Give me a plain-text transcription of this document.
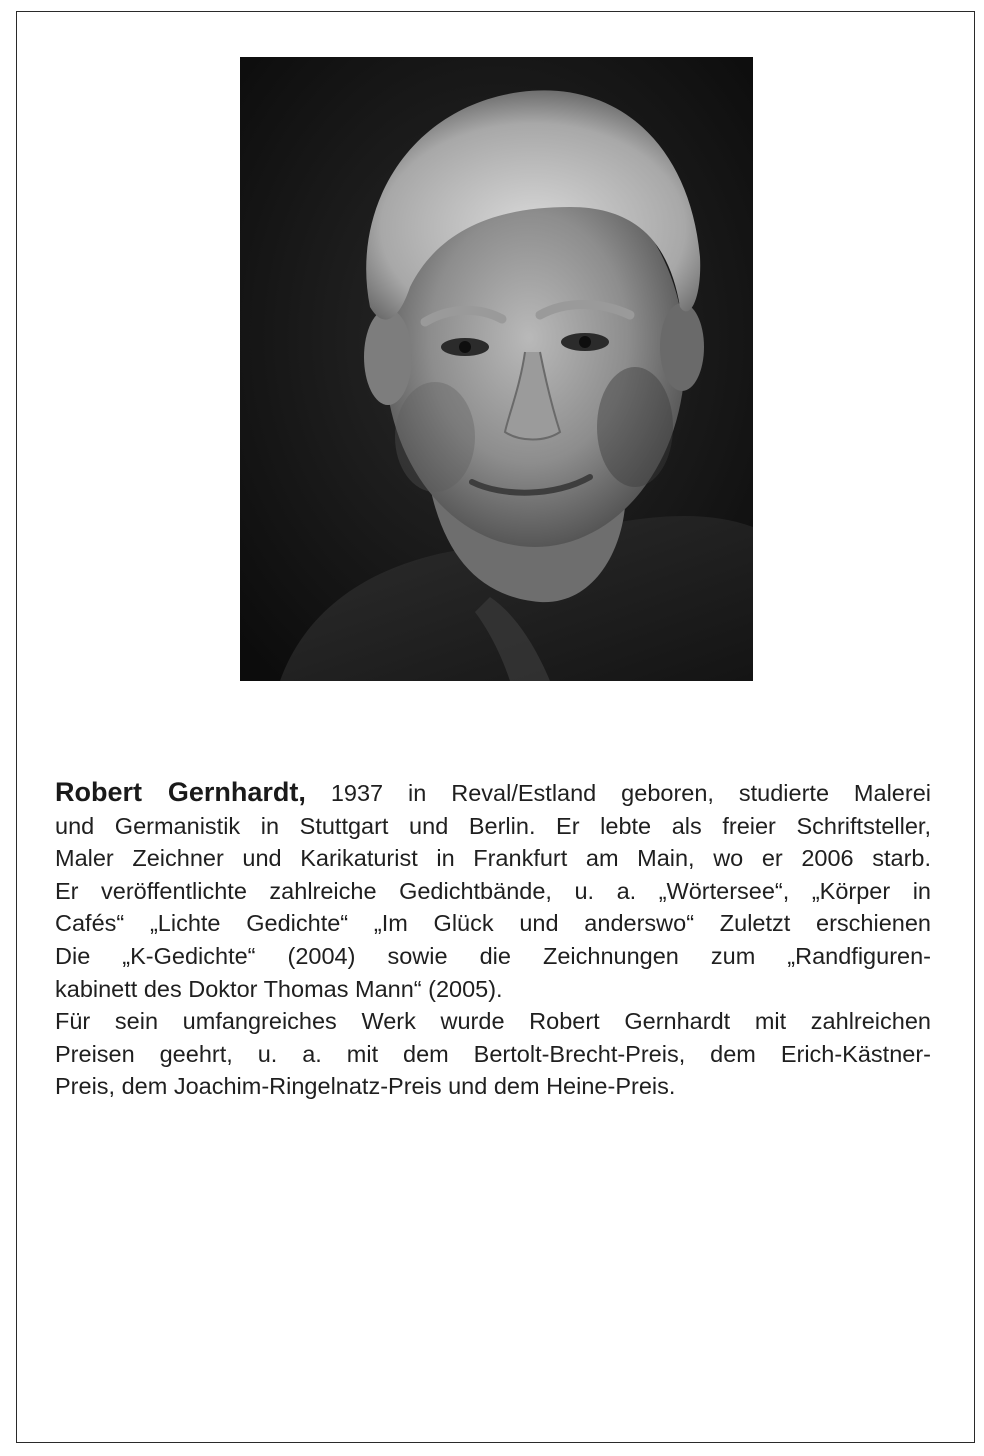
Robert Gernhardt, 1937 in Reval/Estland geboren, studierte Malerei
und Germanistik in Stuttgart und Berlin. Er lebte als freier Schriftsteller,
Maler Zeichner und Karikaturist in Frankfurt am Main, wo er 2006 starb.
Er veröffentlichte zahlreiche Gedichtbände, u. a. „Wörtersee“, „Körper in
Cafés“ „Lichte Gedichte“ „Im Glück und anderswo“ Zuletzt erschienen
Die „K-Gedichte“ (2004) sowie die Zeichnungen zum „Randfiguren-
kabinett des Doktor Thomas Mann“ (2005).
Für sein umfangreiches Werk wurde Robert Gernhardt mit zahlreichen
Preisen geehrt, u. a. mit dem Bertolt-Brecht-Preis, dem Erich-Kästner-
Preis, dem Joachim-Ringelnatz-Preis und dem Heine-Preis.
